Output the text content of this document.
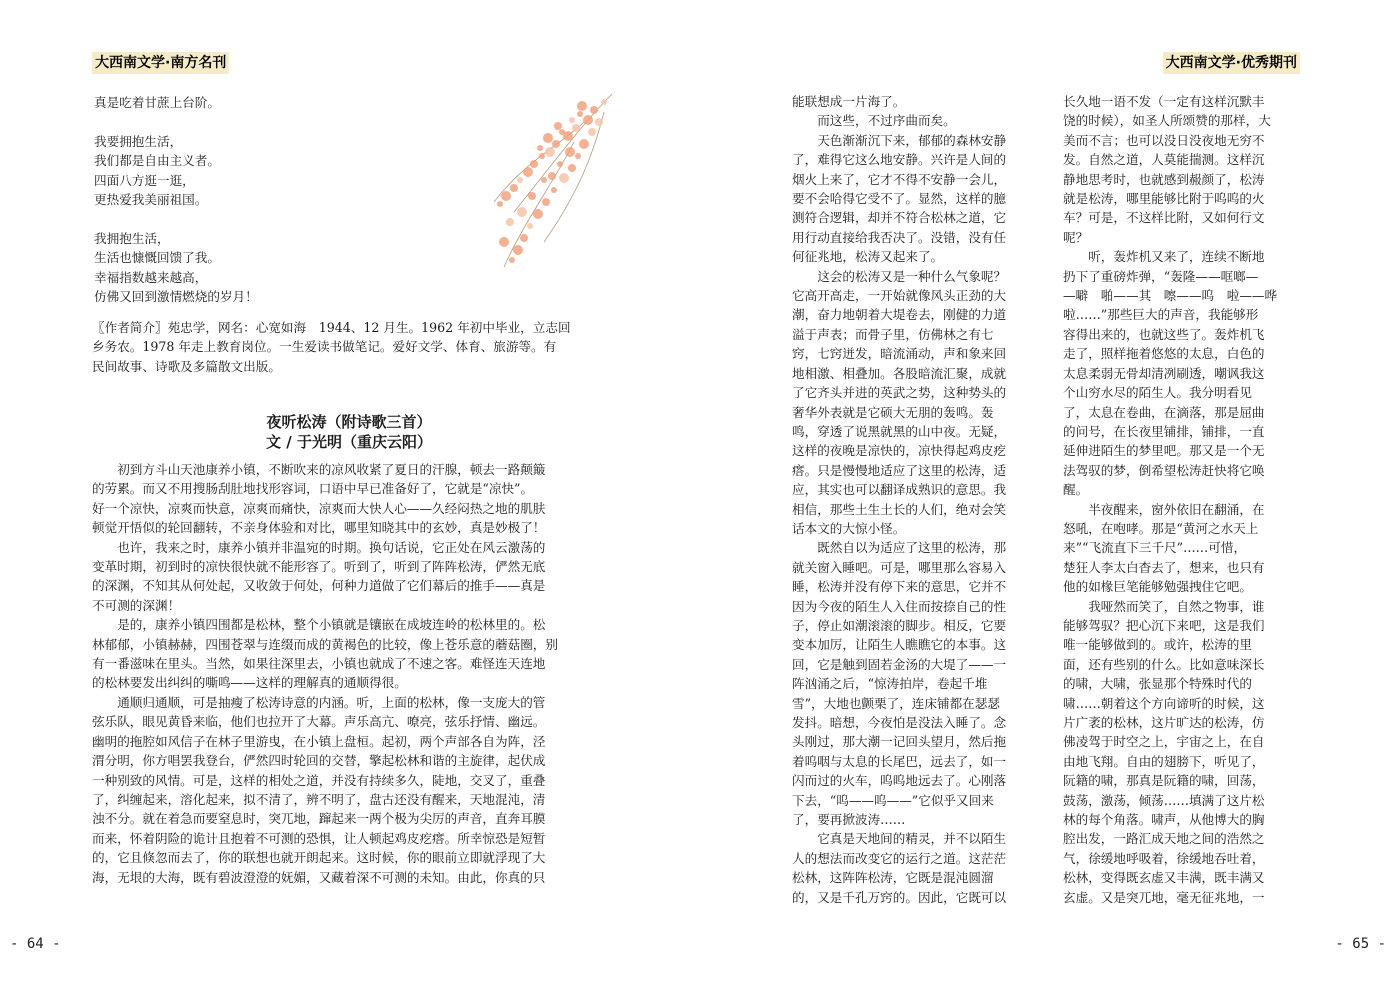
大西南文学·南方名刊
真是吃着甘蔗上台阶。
我要拥抱生活，
我们都是自由主义者。
四面八方逛一逛，
更热爱我美丽祖国。
我拥抱生活，
生活也慷慨回馈了我。
幸福指数越来越高，
仿佛又回到激情燃烧的岁月！
〖作者简介〗苑忠学，网名：心宽如海　1944、12 月生。1962 年初中毕业，立志回
乡务农。1978 年走上教育岗位。一生爱读书做笔记。爱好文学、体育、旅游等。有
民间故事、诗歌及多篇散文出版。
夜听松涛（附诗歌三首）
文 / 于光明（重庆云阳）
　　初到方斗山天池康养小镇，不断吹来的凉风收紧了夏日的汗腺，顿去一路颠簸
的劳累。而又不用搜肠刮肚地找形容词，口语中早已准备好了，它就是“凉快”。
好一个凉快，凉爽而快意，凉爽而痛快，凉爽而大快人心——久经闷热之地的肌肤
顿觉开悟似的轮回翻转，不亲身体验和对比，哪里知晓其中的玄妙，真是妙极了！
　　也许，我来之时，康养小镇并非温宛的时期。换句话说，它正处在风云激荡的
变革时期，初到时的凉快很快就不能形容了。听到了，听到了阵阵松涛，俨然无底
的深渊，不知其从何处起，又收敛于何处，何种力道做了它们幕后的推手——真是
不可测的深渊！
　　是的，康养小镇四围都是松林，整个小镇就是镶嵌在成坡连岭的松林里的。松
林郁郁，小镇赫赫，四围苍翠与连缀而成的黄褐色的比较，像上苍乐意的蘑菇圈，别
有一番滋味在里头。当然，如果往深里去，小镇也就成了不速之客。难怪连天连地
的松林要发出纠纠的嘶鸣——这样的理解真的通顺得很。
　　通顺归通顺，可是抽瘦了松涛诗意的内涵。听，上面的松林，像一支庞大的管
弦乐队，眼见黄昏来临，他们也拉开了大幕。声乐高亢、嘹亮，弦乐抒情、幽远。
幽明的拖腔如风信子在林子里游曳，在小镇上盘桓。起初，两个声部各自为阵，泾
渭分明，你方唱罢我登台，俨然四时轮回的交替，擎起松林和谐的主旋律，起伏成
一种别致的风情。可是，这样的相处之道，并没有持续多久，陡地，交叉了，重叠
了，纠缠起来，溶化起来，拟不清了，辨不明了，盘古还没有醒来，天地混沌，清
浊不分。就在着急而要窒息时，突兀地，蹿起来一两个极为尖厉的声音，直奔耳膜
而来，怀着阴险的诡计且抱着不可测的恐惧，让人顿起鸡皮疙瘩。所幸惊恐是短暂
的，它且倏忽而去了，你的联想也就开朗起来。这时候，你的眼前立即就浮现了大
海，无垠的大海，既有碧波澄澄的妩媚，又藏着深不可测的未知。由此，你真的只
- 64 -
大西南文学·优秀期刊
能联想成一片海了。
　　而这些，不过序曲而矣。
　　天色渐渐沉下来，郁郁的森林安静
了，难得它这么地安静。兴许是人间的
烟火上来了，它才不得不安静一会儿，
要不会哈得它受不了。显然，这样的臆
测符合逻辑，却并不符合松林之道，它
用行动直接给我否决了。没错，没有任
何征兆地，松涛又起来了。
　　这会的松涛又是一种什么气象呢？
它高开高走，一开始就像风头正劲的大
潮，奋力地朝着大堤卷去，刚健的力道
溢于声表；而骨子里，仿佛林之有七
窍，七窍迸发，暗流涌动，声和象来回
地相激、相叠加。各股暗流汇聚，成就
了它齐头并进的英武之势，这种势头的
奢华外表就是它硕大无朋的轰鸣。轰
鸣，穿透了说黑就黑的山中夜。无疑，
这样的夜晚是凉快的，凉快得起鸡皮疙
瘩。只是慢慢地适应了这里的松涛，适
应，其实也可以翻译成熟识的意思。我
相信，那些土生土长的人们，绝对会笑
话本文的大惊小怪。
　　既然自以为适应了这里的松涛，那
就关窗入睡吧。可是，哪里那么容易入
睡，松涛并没有停下来的意思，它并不
因为今夜的陌生人入住而按捺自己的性
子，停止如潮滚滚的脚步。相反，它要
变本加厉，让陌生人瞧瞧它的本事。这
回，它是触到固若金汤的大堤了——一
阵汹涌之后，“惊涛拍岸，卷起千堆
雪”，大地也颤栗了，连床铺都在瑟瑟
发抖。暗想，今夜怕是没法入睡了。念
头刚过，那大潮一记回头望月，然后拖
着呜咽与太息的长尾巴，远去了，如一
闪而过的火车，呜呜地远去了。心刚落
下去，“呜——呜——”它似乎又回来
了，要再掀波涛……
　　它真是天地间的精灵，并不以陌生
人的想法而改变它的运行之道。这茫茫
松林，这阵阵松涛，它既是混沌圆溜
的，又是千孔万窍的。因此，它既可以
长久地一语不发（一定有这样沉默丰
饶的时候），如圣人所颂赞的那样，大
美而不言；也可以没日没夜地无穷不
发。自然之道，人莫能揣测。这样沉
静地思考时，也就感到赧颜了，松涛
就是松涛，哪里能够比附于呜呜的火
车？可是，不这样比附，又如何行文
呢？
　　听，轰炸机又来了，连续不断地
扔下了重磅炸弹，“轰隆——哐啷—
—噼　啪——其　嚓——呜　啦——哗
啦……”那些巨大的声音，我能够形
容得出来的，也就这些了。轰炸机飞
走了，照样拖着悠悠的太息，白色的
太息柔弱无骨却清冽刷透，嘲讽我这
个山穷水尽的陌生人。我分明看见
了，太息在卷曲，在滴落，那是屈曲
的问号，在长夜里铺排，铺排，一直
延伸进陌生的梦里吧。那又是一个无
法驾驭的梦，倒希望松涛赶快将它唤
醒。
　　半夜醒来，窗外依旧在翻涌，在
怒吼，在咆哮。那是“黄河之水天上
来”“飞流直下三千尺”……可惜，
楚狂人李太白杳去了，想来，也只有
他的如椽巨笔能够勉强拽住它吧。
　　我哑然而笑了，自然之物事，谁
能够驾驭？把心沉下来吧，这是我们
唯一能够做到的。或许，松涛的里
面，还有些别的什么。比如意味深长
的啸，大啸，张显那个特殊时代的
啸……朝着这个方向谛听的时候，这
片广袤的松林，这片旷达的松涛，仿
佛凌驾于时空之上，宇宙之上，在自
由地飞翔。自由的翅膀下，听见了，
阮籍的啸，那真是阮籍的啸，回荡，
鼓荡，激荡，倾荡……填满了这片松
林的每个角落。啸声，从他博大的胸
腔出发，一路汇成天地之间的浩然之
气，徐缓地呼吸着，徐缓地吞吐着，
松林，变得既玄虚又丰满，既丰满又
玄虚。又是突兀地，毫无征兆地，一
- 65 -
